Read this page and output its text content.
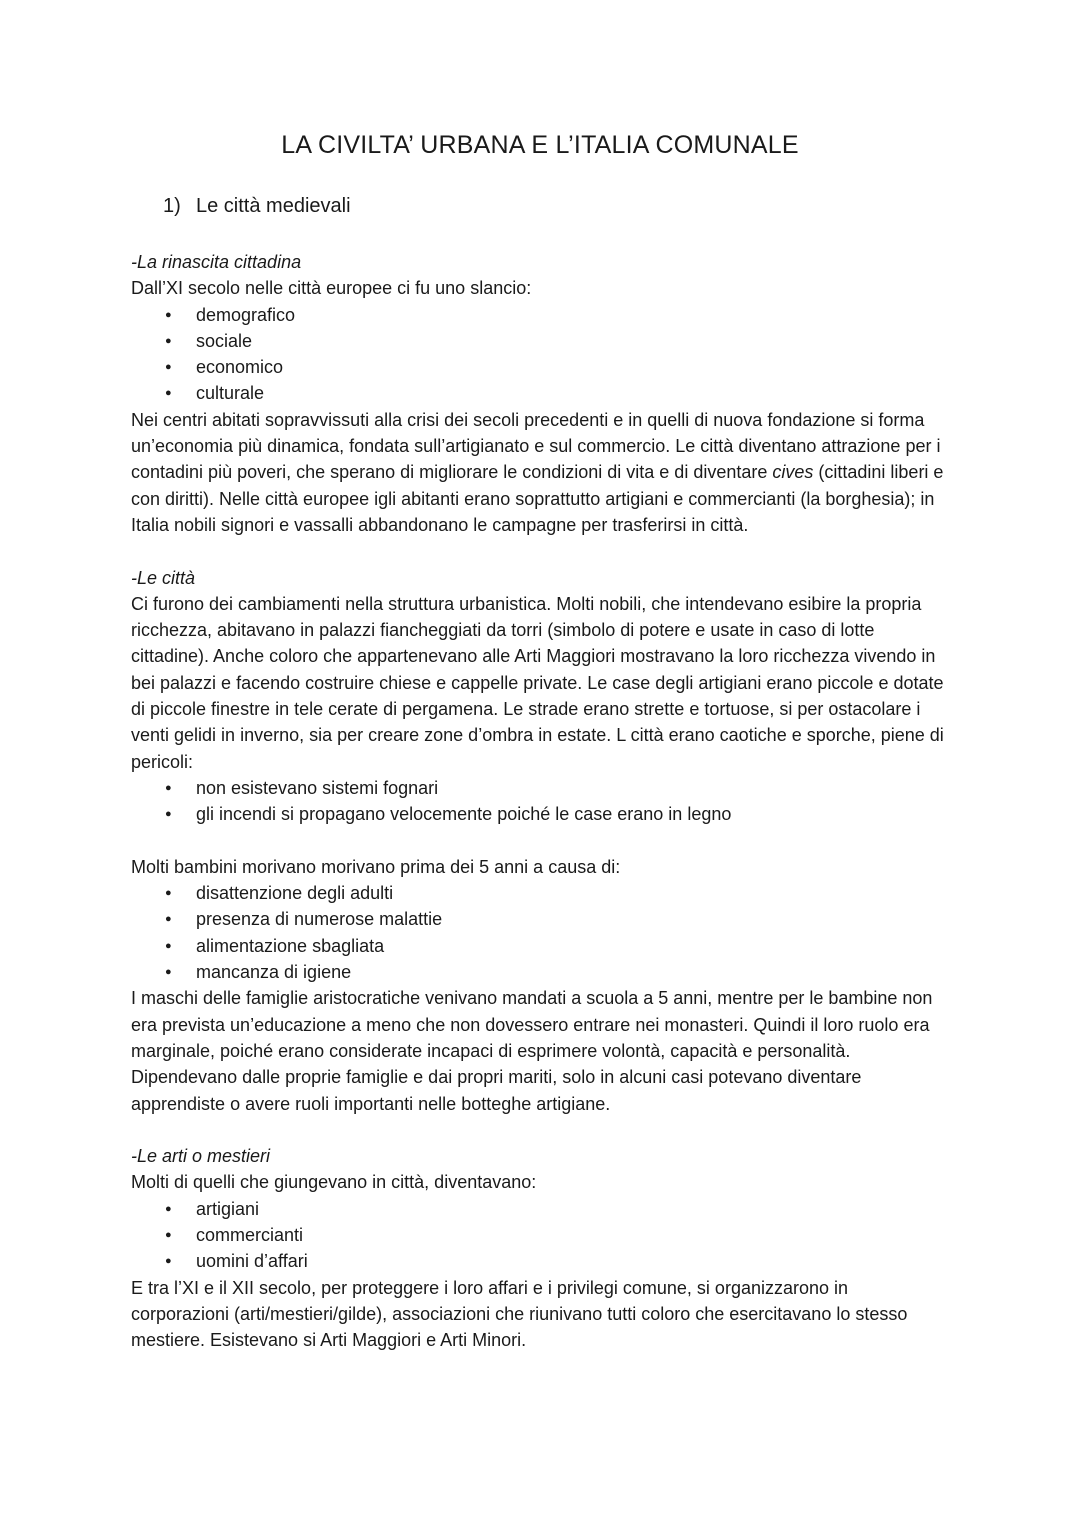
LA CIVILTA’ URBANA E L’ITALIA COMUNALE
1) Le città medievali

-La rinascita cittadina

Dall’XI secolo nelle città europee ci fu uno slancio:

● demografico
● sociale
● economico
● culturale

Nei centri abitati sopravvissuti alla crisi dei secoli precedenti e in quelli di nuova fondazione si forma un’economia più dinamica, fondata sull’artigianato e sul commercio. Le città diventano attrazione per i contadini più poveri, che sperano di migliorare le condizioni di vita e di diventare cives (cittadini liberi e con diritti). Nelle città europee igli abitanti erano soprattutto artigiani e commercianti (la borghesia); in Italia nobili signori e vassalli abbandonano le campagne per trasferirsi in città.

-Le città

Ci furono dei cambiamenti nella struttura urbanistica. Molti nobili, che intendevano esibire la propria ricchezza, abitavano in palazzi fiancheggiati da torri (simbolo di potere e usate in caso di lotte cittadine). Anche coloro che appartenevano alle Arti Maggiori mostravano la loro ricchezza vivendo in bei palazzi e facendo costruire chiese e cappelle private. Le case degli artigiani erano piccole e dotate di piccole finestre in tele cerate di pergamena. Le strade erano strette e tortuose, si per ostacolare i venti gelidi in inverno, sia per creare zone d’ombra in estate. L città erano caotiche e sporche, piene di pericoli:

● non esistevano sistemi fognari
● gli incendi si propagano velocemente poiché le case erano in legno

Molti bambini morivano morivano prima dei 5 anni a causa di:

● disattenzione degli adulti
● presenza di numerose malattie
● alimentazione sbagliata
● mancanza di igiene

I maschi delle famiglie aristocratiche venivano mandati a scuola a 5 anni, mentre per le bambine non era prevista un’educazione a meno che non dovessero entrare nei monasteri. Quindi il loro ruolo era marginale, poiché erano considerate incapaci di esprimere volontà, capacità e personalità. Dipendevano dalle proprie famiglie e dai propri mariti, solo in alcuni casi potevano diventare apprendiste o avere ruoli importanti nelle botteghe artigiane.

-Le arti o mestieri

Molti di quelli che giungevano in città, diventavano:

● artigiani
● commercianti
● uomini d’affari

E tra l’XI e il XII secolo, per proteggere i loro affari e i privilegi comune, si organizzarono in corporazioni (arti/mestieri/gilde), associazioni che riunivano tutti coloro che esercitavano lo stesso mestiere. Esistevano si Arti Maggiori e Arti Minori.
